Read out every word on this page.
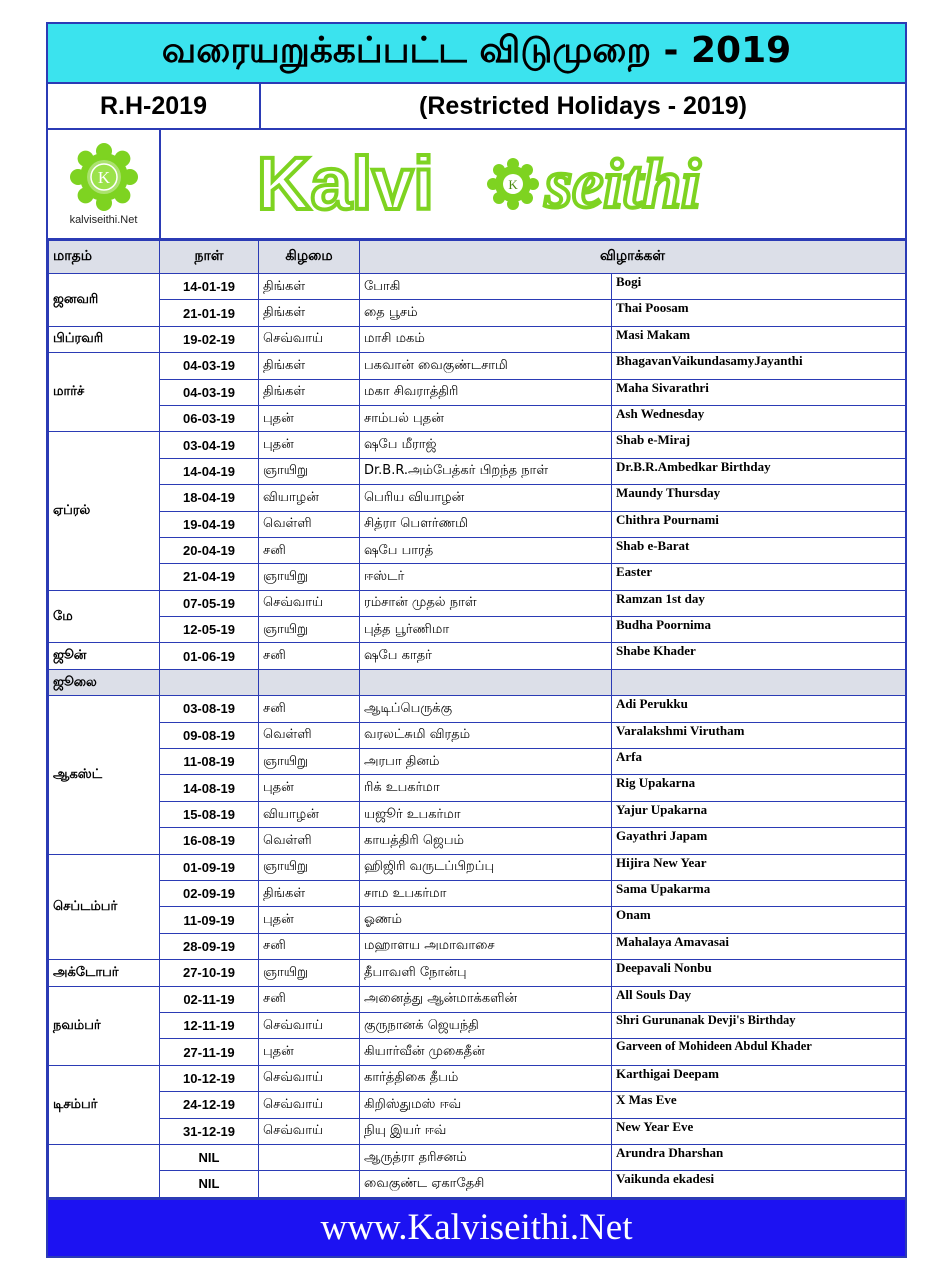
வரையறுக்கப்பட்ட விடுமுறை - 2019
R.H-2019	(Restricted Holidays - 2019)
K
kalviseithi.Net Kalvi	K seithi
மாதம்	நாள்	கிழமை	விழாக்கள்	
ஜனவரி	14-01-19	திங்கள்	போகி	Bogi
	21-01-19	திங்கள்	தை பூசம்	Thai Poosam
பிப்ரவரி	19-02-19	செவ்வாய்	மாசி மகம்	Masi Makam
மார்ச்	04-03-19	திங்கள்	பகவான் வைகுண்டசாமி	BhagavanVaikundasamyJayanthi
	04-03-19	திங்கள்	மகா சிவராத்திரி	Maha Sivarathri
	06-03-19	புதன்	சாம்பல் புதன்	Ash Wednesday
ஏப்ரல்	03-04-19	புதன்	ஷபே மீராஜ்	Shab e-Miraj
	14-04-19	ஞாயிறு	Dr.B.R.அம்பேத்கர் பிறந்த நாள்	Dr.B.R.Ambedkar Birthday
	18-04-19	வியாழன்	பெரிய வியாழன்	Maundy Thursday
	19-04-19	வெள்ளி	சித்ரா பௌர்ணமி	Chithra Pournami
	20-04-19	சனி	ஷபே பாரத்	Shab e-Barat
	21-04-19	ஞாயிறு	ஈஸ்டர்	Easter
மே	07-05-19	செவ்வாய்	ரம்சான் முதல் நாள்	Ramzan 1st day
	12-05-19	ஞாயிறு	புத்த பூர்ணிமா	Budha Poornima
ஜூன்	01-06-19	சனி	ஷபே காதர்	Shabe Khader
ஜூலை				
ஆகஸ்ட்	03-08-19	சனி	ஆடிப்பெருக்கு	Adi Perukku
	09-08-19	வெள்ளி	வரலட்சுமி விரதம்	Varalakshmi Virutham
	11-08-19	ஞாயிறு	அரபா தினம்	Arfa
	14-08-19	புதன்	ரிக் உபகர்மா	Rig Upakarna
	15-08-19	வியாழன்	யஜூர் உபகர்மா	Yajur Upakarna
	16-08-19	வெள்ளி	காயத்திரி ஜெபம்	Gayathri Japam
செப்டம்பர்	01-09-19	ஞாயிறு	ஹிஜிரி வருடப்பிறப்பு	Hijira New Year
	02-09-19	திங்கள்	சாம உபகர்மா	Sama Upakarma
	11-09-19	புதன்	ஓணம்	Onam
	28-09-19	சனி	மஹாளய அமாவாசை	Mahalaya Amavasai
அக்டோபர்	27-10-19	ஞாயிறு	தீபாவளி நோன்பு	Deepavali Nonbu
நவம்பர்	02-11-19	சனி	அனைத்து ஆன்மாக்களின்	All Souls Day
	12-11-19	செவ்வாய்	குருநானக் ஜெயந்தி	Shri Gurunanak Devji's Birthday
	27-11-19	புதன்	கியார்வீன் முகைதீன்	Garveen of Mohideen Abdul Khader
டிசம்பர்	10-12-19	செவ்வாய்	கார்த்திகை தீபம்	Karthigai Deepam
	24-12-19	செவ்வாய்	கிறிஸ்துமஸ் ஈவ்	X Mas Eve
	31-12-19	செவ்வாய்	நியு இயர் ஈவ்	New Year Eve
	NIL		ஆருத்ரா தரிசனம்	Arundra Dharshan
	NIL		வைகுண்ட ஏகாதேசி	Vaikunda ekadesi
www.Kalviseithi.Net
